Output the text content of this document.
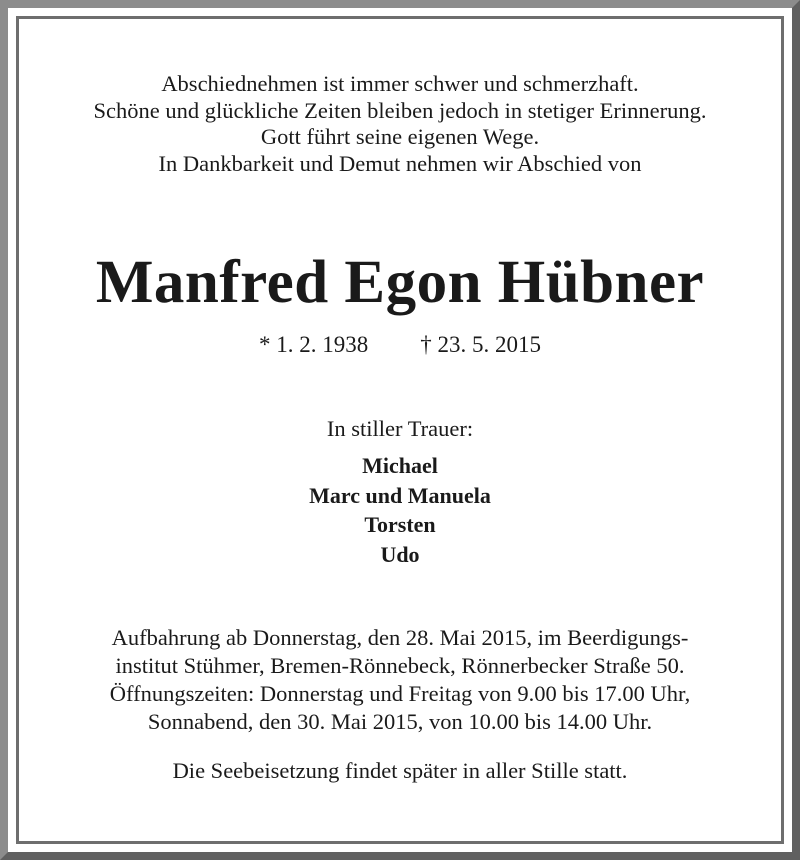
Abschiednehmen ist immer schwer und schmerzhaft.
Schöne und glückliche Zeiten bleiben jedoch in stetiger Erinnerung.
Gott führt seine eigenen Wege.
In Dankbarkeit und Demut nehmen wir Abschied von
Manfred Egon Hübner
* 1. 2. 1938 † 23. 5. 2015
In stiller Trauer:
Michael
Marc und Manuela
Torsten
Udo
Aufbahrung ab Donnerstag, den 28. Mai 2015, im Beerdigungs-
institut Stühmer, Bremen-Rönnebeck, Rönnerbecker Straße 50.
Öffnungszeiten: Donnerstag und Freitag von 9.00 bis 17.00 Uhr,
Sonnabend, den 30. Mai 2015, von 10.00 bis 14.00 Uhr.
Die Seebeisetzung findet später in aller Stille statt.
